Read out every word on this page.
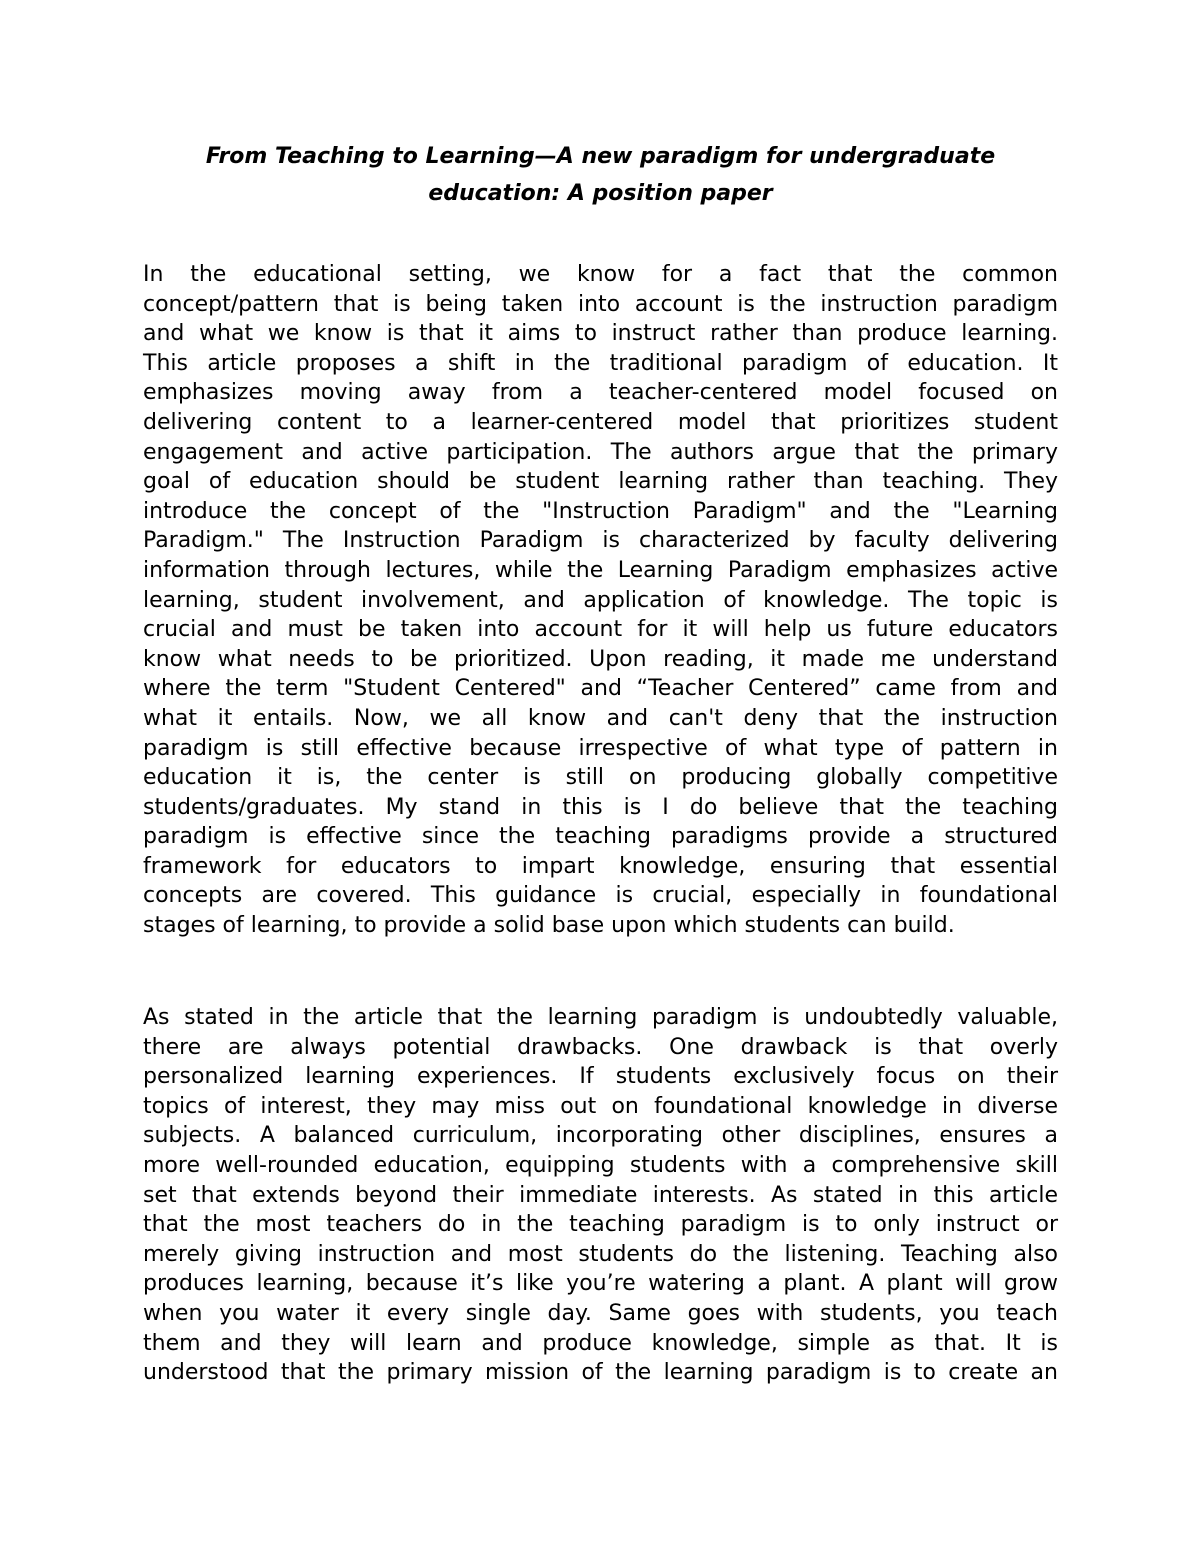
From Teaching to Learning—A new paradigm for undergraduate education: A position paper
In the educational setting, we know for a fact that the common
concept/pattern that is being taken into account is the instruction paradigm
and what we know is that it aims to instruct rather than produce learning.
This article proposes a shift in the traditional paradigm of education. It
emphasizes moving away from a teacher-centered model focused on
delivering content to a learner-centered model that prioritizes student
engagement and active participation. The authors argue that the primary
goal of education should be student learning rather than teaching. They
introduce the concept of the "Instruction Paradigm" and the "Learning
Paradigm." The Instruction Paradigm is characterized by faculty delivering
information through lectures, while the Learning Paradigm emphasizes active
learning, student involvement, and application of knowledge. The topic is
crucial and must be taken into account for it will help us future educators
know what needs to be prioritized. Upon reading, it made me understand
where the term "Student Centered" and “Teacher Centered” came from and
what it entails. Now, we all know and can't deny that the instruction
paradigm is still effective because irrespective of what type of pattern in
education it is, the center is still on producing globally competitive
students/graduates. My stand in this is I do believe that the teaching
paradigm is effective since the teaching paradigms provide a structured
framework for educators to impart knowledge, ensuring that essential
concepts are covered. This guidance is crucial, especially in foundational
stages of learning, to provide a solid base upon which students can build.
As stated in the article that the learning paradigm is undoubtedly valuable,
there are always potential drawbacks. One drawback is that overly
personalized learning experiences. If students exclusively focus on their
topics of interest, they may miss out on foundational knowledge in diverse
subjects. A balanced curriculum, incorporating other disciplines, ensures a
more well-rounded education, equipping students with a comprehensive skill
set that extends beyond their immediate interests. As stated in this article
that the most teachers do in the teaching paradigm is to only instruct or
merely giving instruction and most students do the listening. Teaching also
produces learning, because it’s like you’re watering a plant. A plant will grow
when you water it every single day. Same goes with students, you teach
them and they will learn and produce knowledge, simple as that. It is
understood that the primary mission of the learning paradigm is to create an
